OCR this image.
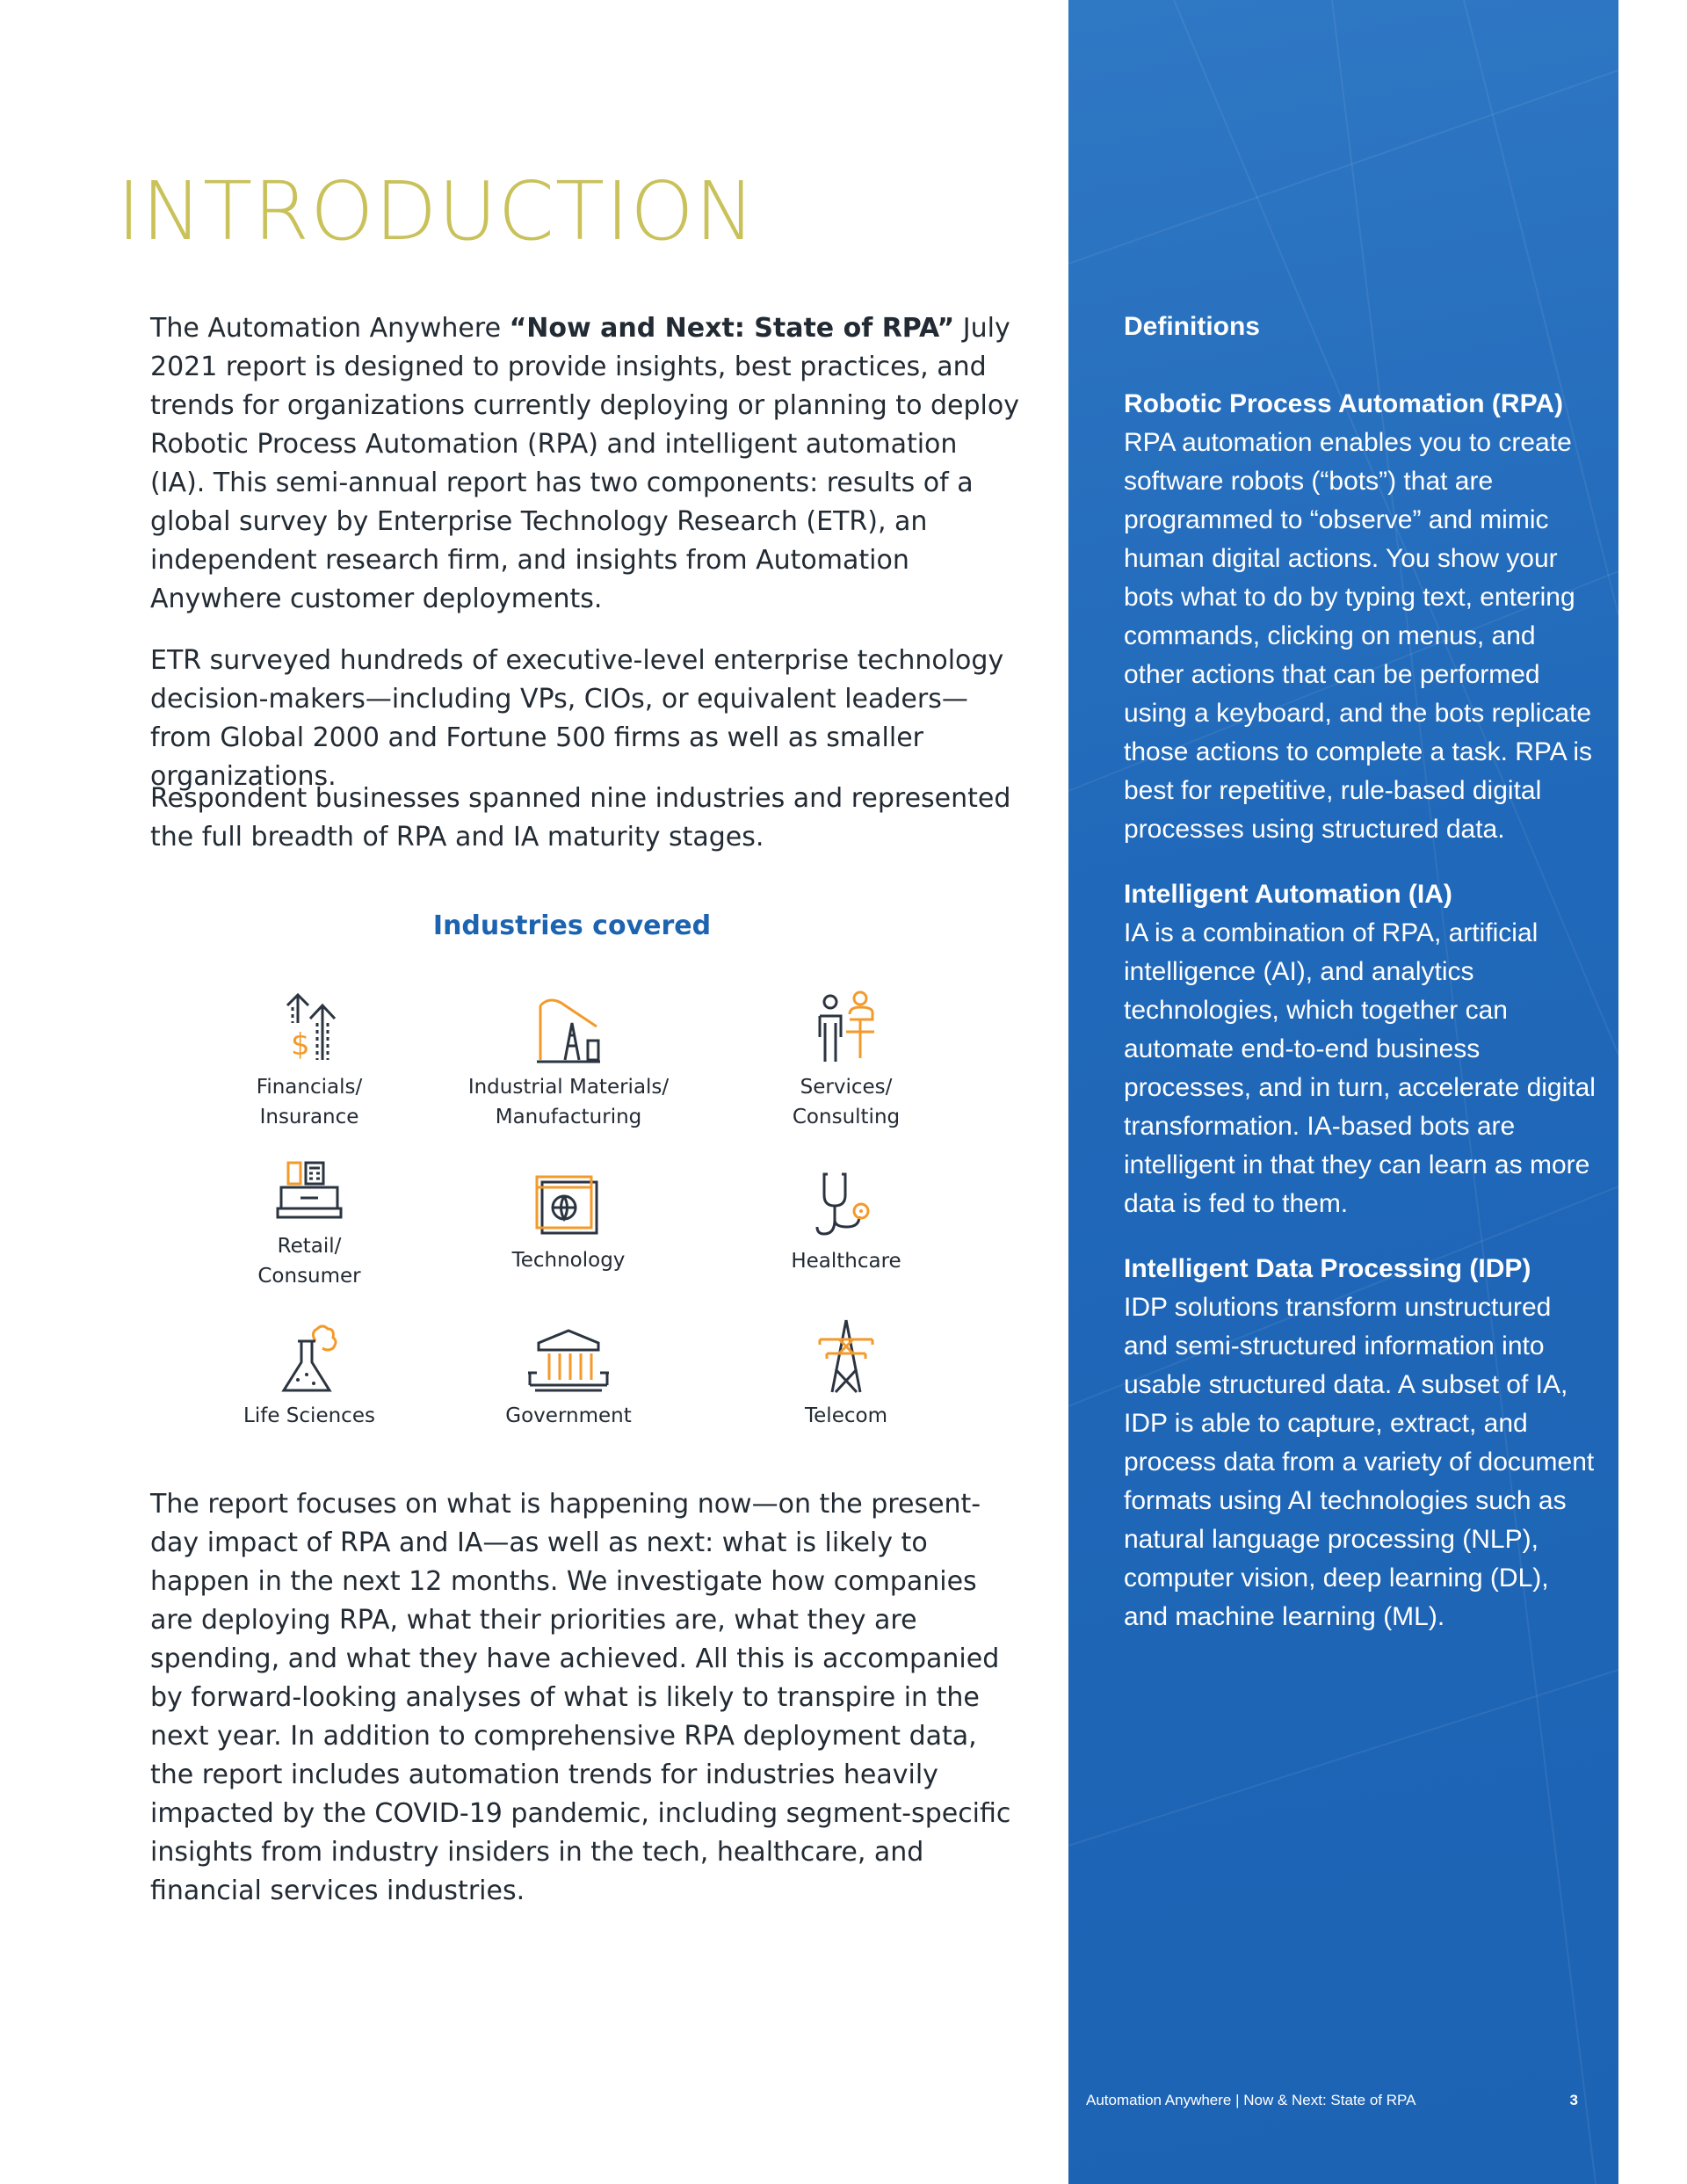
INTRODUCTION

The Automation Anywhere “Now and Next: State of RPA” July 2021 report is designed to provide insights, best practices, and trends for organizations currently deploying or planning to deploy Robotic Process Automation (RPA) and intelligent automation (IA). This semi-annual report has two components: results of a global survey by Enterprise Technology Research (ETR), an independent research firm, and insights from Automation Anywhere customer deployments.

ETR surveyed hundreds of executive-level enterprise technology decision-makers—including VPs, CIOs, or equivalent leaders—from Global 2000 and Fortune 500 firms as well as smaller organizations.

Respondent businesses spanned nine industries and represented the full breadth of RPA and IA maturity stages.

Industries covered
$
Financials/
Insurance
Industrial Materials/
Manufacturing
Services/
Consulting
Retail/
Consumer
Technology	Healthcare
Life Sciences	Government	Telecom

The report focuses on what is happening now—on the present-day impact of RPA and IA—as well as next: what is likely to happen in the next 12 months. We investigate how companies are deploying RPA, what their priorities are, what they are spending, and what they have achieved. All this is accompanied by forward-looking analyses of what is likely to transpire in the next year. In addition to comprehensive RPA deployment data, the report includes automation trends for industries heavily impacted by the COVID-19 pandemic, including segment-specific insights from industry insiders in the tech, healthcare, and financial services industries.

Definitions
Robotic Process Automation (RPA)

RPA automation enables you to create software robots (“bots”) that are programmed to “observe” and mimic human digital actions. You show your bots what to do by typing text, entering commands, clicking on menus, and other actions that can be performed using a keyboard, and the bots replicate those actions to complete a task. RPA is best for repetitive, rule-based digital processes using structured data.

Intelligent Automation (IA)

IA is a combination of RPA, artificial intelligence (AI), and analytics technologies, which together can automate end-to-end business processes, and in turn, accelerate digital transformation. IA-based bots are intelligent in that they can learn as more data is fed to them.

Intelligent Data Processing (IDP)

IDP solutions transform unstructured and semi-structured information into usable structured data. A subset of IA, IDP is able to capture, extract, and process data from a variety of document formats using AI technologies such as natural language processing (NLP), computer vision, deep learning (DL), and machine learning (ML).

Automation Anywhere | Now & Next: State of RPA	3
